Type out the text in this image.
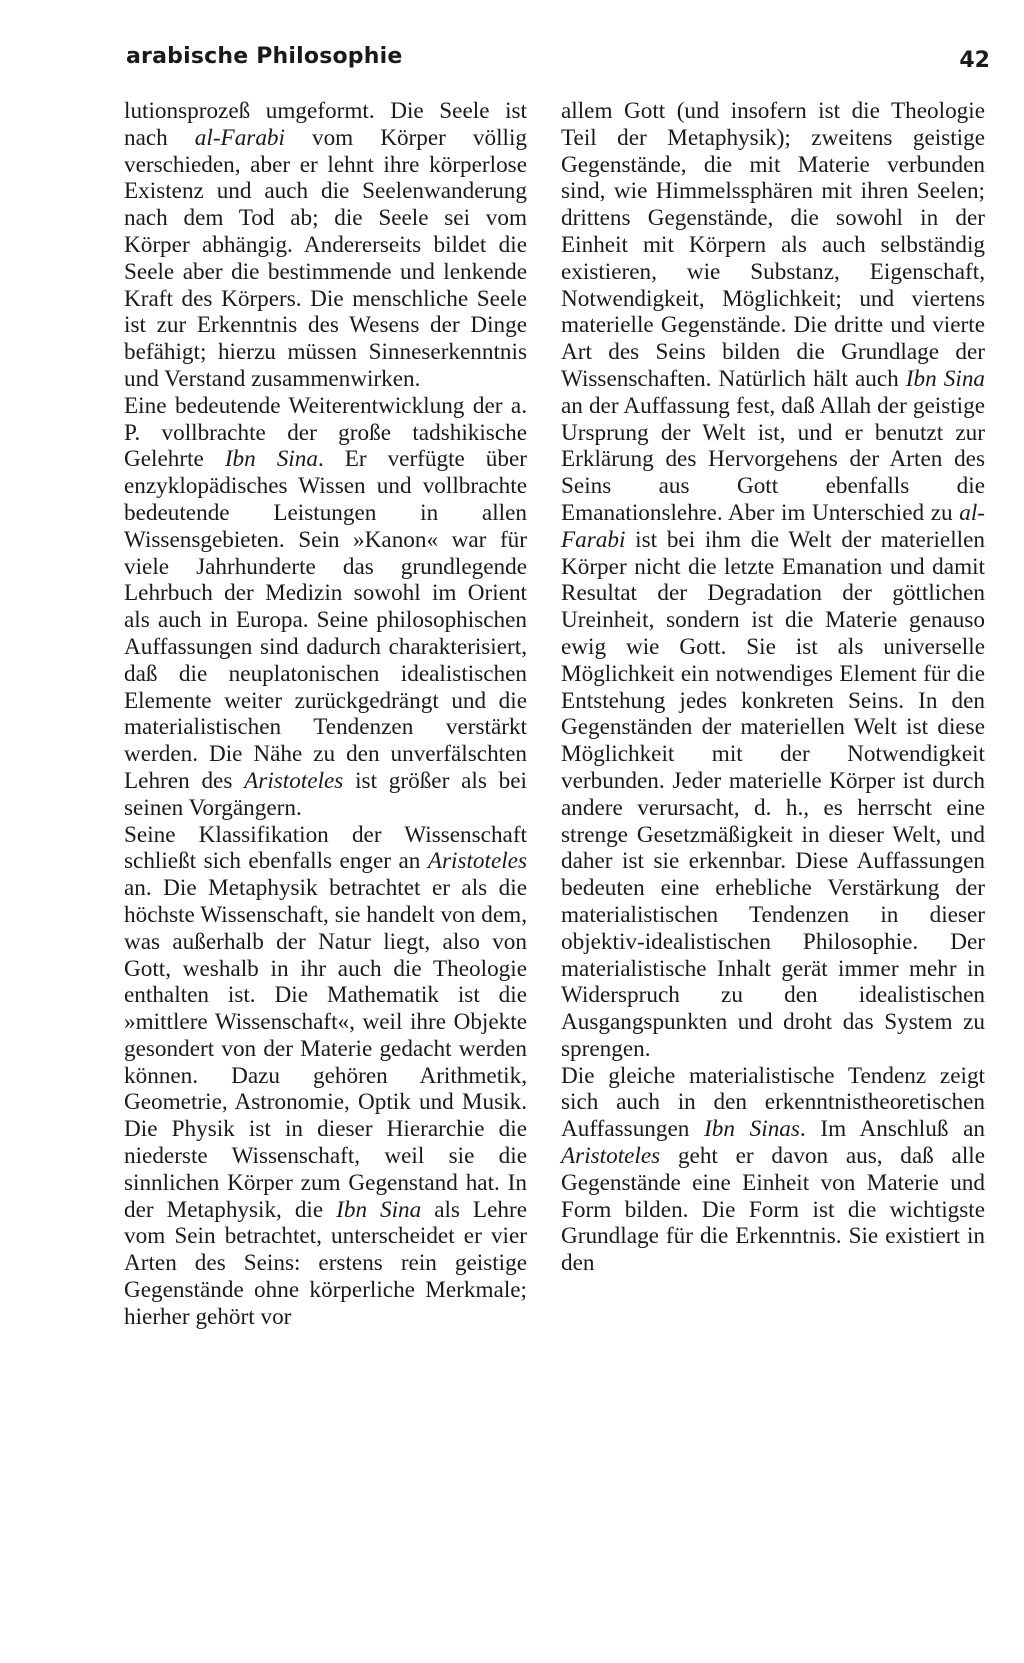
arabische Philosophie	42

lutionsprozeß umgeformt. Die Seele ist nach al-Farabi vom Körper völlig verschieden, aber er lehnt ihre körperlose Existenz und auch die Seelenwanderung nach dem Tod ab; die Seele sei vom Körper abhängig. Andererseits bildet die Seele aber die bestimmende und lenkende Kraft des Körpers. Die menschliche Seele ist zur Erkenntnis des Wesens der Dinge befähigt; hierzu müssen Sinneserkenntnis und Verstand zusammenwirken.

Eine bedeutende Weiterentwicklung der a. P. vollbrachte der große tadshikische Gelehrte Ibn Sina. Er verfügte über enzyklopädisches Wissen und vollbrachte bedeutende Leistungen in allen Wissensgebieten. Sein »Kanon« war für viele Jahrhunderte das grundlegende Lehrbuch der Medizin sowohl im Orient als auch in Europa. Seine philosophischen Auffassungen sind dadurch charakterisiert, daß die neuplatonischen idealistischen Elemente weiter zurückgedrängt und die materialistischen Tendenzen verstärkt werden. Die Nähe zu den unverfälschten Lehren des Aristoteles ist größer als bei seinen Vorgängern.

Seine Klassifikation der Wissenschaft schließt sich ebenfalls enger an Aristoteles an. Die Metaphysik betrachtet er als die höchste Wissenschaft, sie handelt von dem, was außerhalb der Natur liegt, also von Gott, weshalb in ihr auch die Theologie enthalten ist. Die Mathematik ist die »mittlere Wissenschaft«, weil ihre Objekte gesondert von der Materie gedacht werden können. Dazu gehören Arithmetik, Geometrie, Astronomie, Optik und Musik. Die Physik ist in dieser Hierarchie die niederste Wissenschaft, weil sie die sinnlichen Körper zum Gegenstand hat. In der Metaphysik, die Ibn Sina als Lehre vom Sein betrachtet, unterscheidet er vier Arten des Seins: erstens rein geistige Gegenstände ohne körperliche Merkmale; hierher gehört vor

allem Gott (und insofern ist die Theologie Teil der Metaphysik); zweitens geistige Gegenstände, die mit Materie verbunden sind, wie Himmelssphären mit ihren Seelen; drittens Gegenstände, die sowohl in der Einheit mit Körpern als auch selbständig existieren, wie Substanz, Eigenschaft, Notwendigkeit, Möglichkeit; und viertens materielle Gegenstände. Die dritte und vierte Art des Seins bilden die Grundlage der Wissenschaften. Natürlich hält auch Ibn Sina an der Auffassung fest, daß Allah der geistige Ursprung der Welt ist, und er benutzt zur Erklärung des Hervorgehens der Arten des Seins aus Gott ebenfalls die Emanationslehre. Aber im Unterschied zu al-Farabi ist bei ihm die Welt der materiellen Körper nicht die letzte Emanation und damit Resultat der Degradation der göttlichen Ureinheit, sondern ist die Materie genauso ewig wie Gott. Sie ist als universelle Möglichkeit ein notwendiges Element für die Entstehung jedes konkreten Seins. In den Gegenständen der materiellen Welt ist diese Möglichkeit mit der Notwendigkeit verbunden. Jeder materielle Körper ist durch andere verursacht, d. h., es herrscht eine strenge Gesetzmäßigkeit in dieser Welt, und daher ist sie erkennbar. Diese Auffassungen bedeuten eine erhebliche Verstärkung der materialistischen Tendenzen in dieser objektiv-idealistischen Philosophie. Der materialistische Inhalt gerät immer mehr in Widerspruch zu den idealistischen Ausgangspunkten und droht das System zu sprengen.

Die gleiche materialistische Tendenz zeigt sich auch in den erkenntnistheoretischen Auffassungen Ibn Sinas. Im Anschluß an Aristoteles geht er davon aus, daß alle Gegenstände eine Einheit von Materie und Form bilden. Die Form ist die wichtigste Grundlage für die Erkenntnis. Sie existiert in den
